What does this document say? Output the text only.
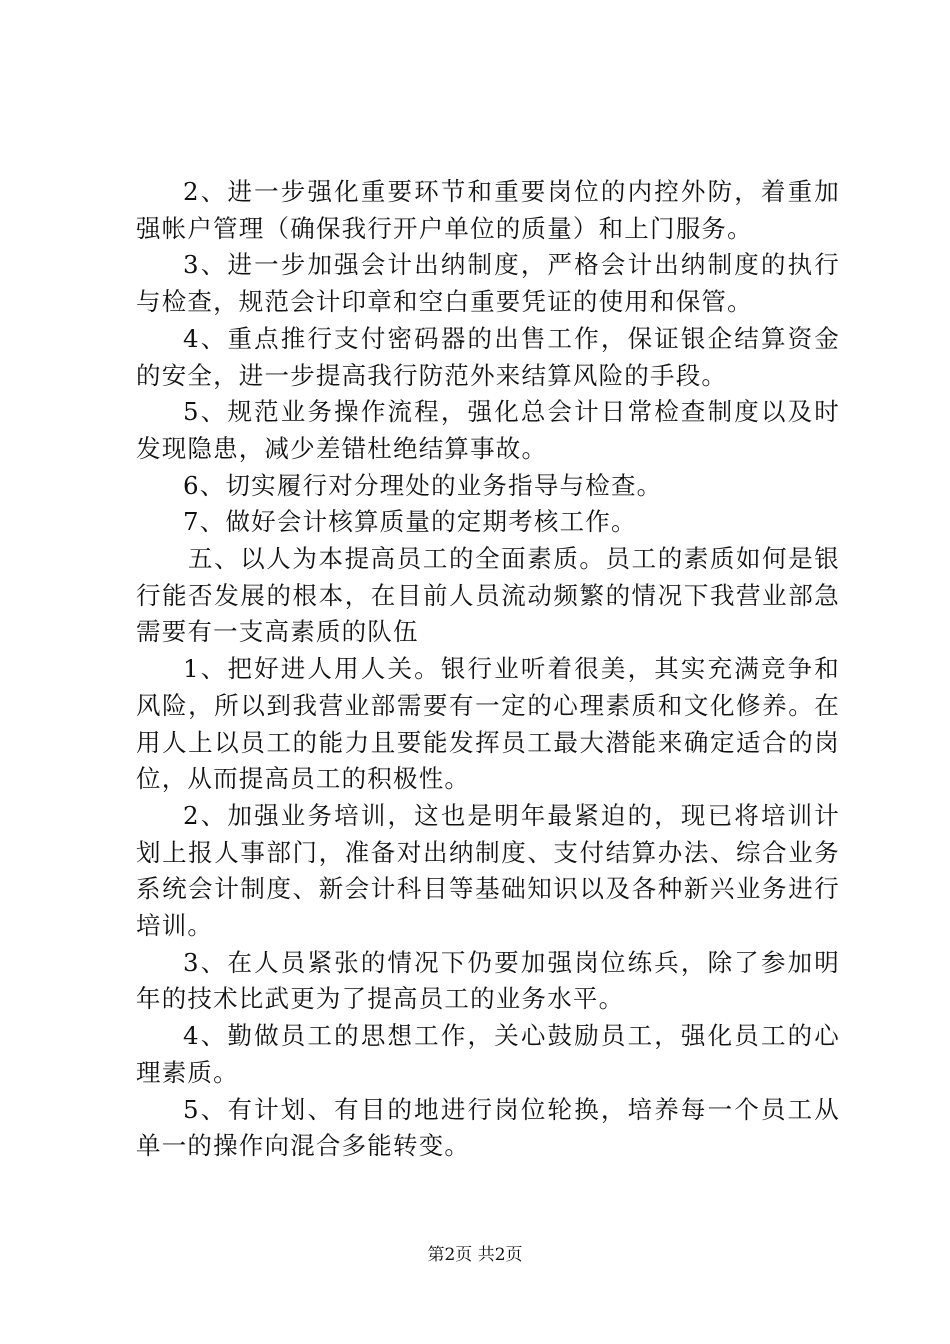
2、进一步强化重要环节和重要岗位的内控外防，着重加强帐户管理（确保我行开户单位的质量）和上门服务。

3、进一步加强会计出纳制度，严格会计出纳制度的执行与检查，规范会计印章和空白重要凭证的使用和保管。

4、重点推行支付密码器的出售工作，保证银企结算资金的安全，进一步提高我行防范外来结算风险的手段。

5、规范业务操作流程，强化总会计日常检查制度以及时发现隐患，减少差错杜绝结算事故。

6、切实履行对分理处的业务指导与检查。

7、做好会计核算质量的定期考核工作。

五、以人为本提高员工的全面素质。员工的素质如何是银行能否发展的根本，在目前人员流动频繁的情况下我营业部急需要有一支高素质的队伍

1、把好进人用人关。银行业听着很美，其实充满竞争和风险，所以到我营业部需要有一定的心理素质和文化修养。在用人上以员工的能力且要能发挥员工最大潜能来确定适合的岗位，从而提高员工的积极性。

2、加强业务培训，这也是明年最紧迫的，现已将培训计划上报人事部门，准备对出纳制度、支付结算办法、综合业务系统会计制度、新会计科目等基础知识以及各种新兴业务进行培训。

3、在人员紧张的情况下仍要加强岗位练兵，除了参加明年的技术比武更为了提高员工的业务水平。

4、勤做员工的思想工作，关心鼓励员工，强化员工的心理素质。

5、有计划、有目的地进行岗位轮换，培养每一个员工从单一的操作向混合多能转变。

第2页 共2页
